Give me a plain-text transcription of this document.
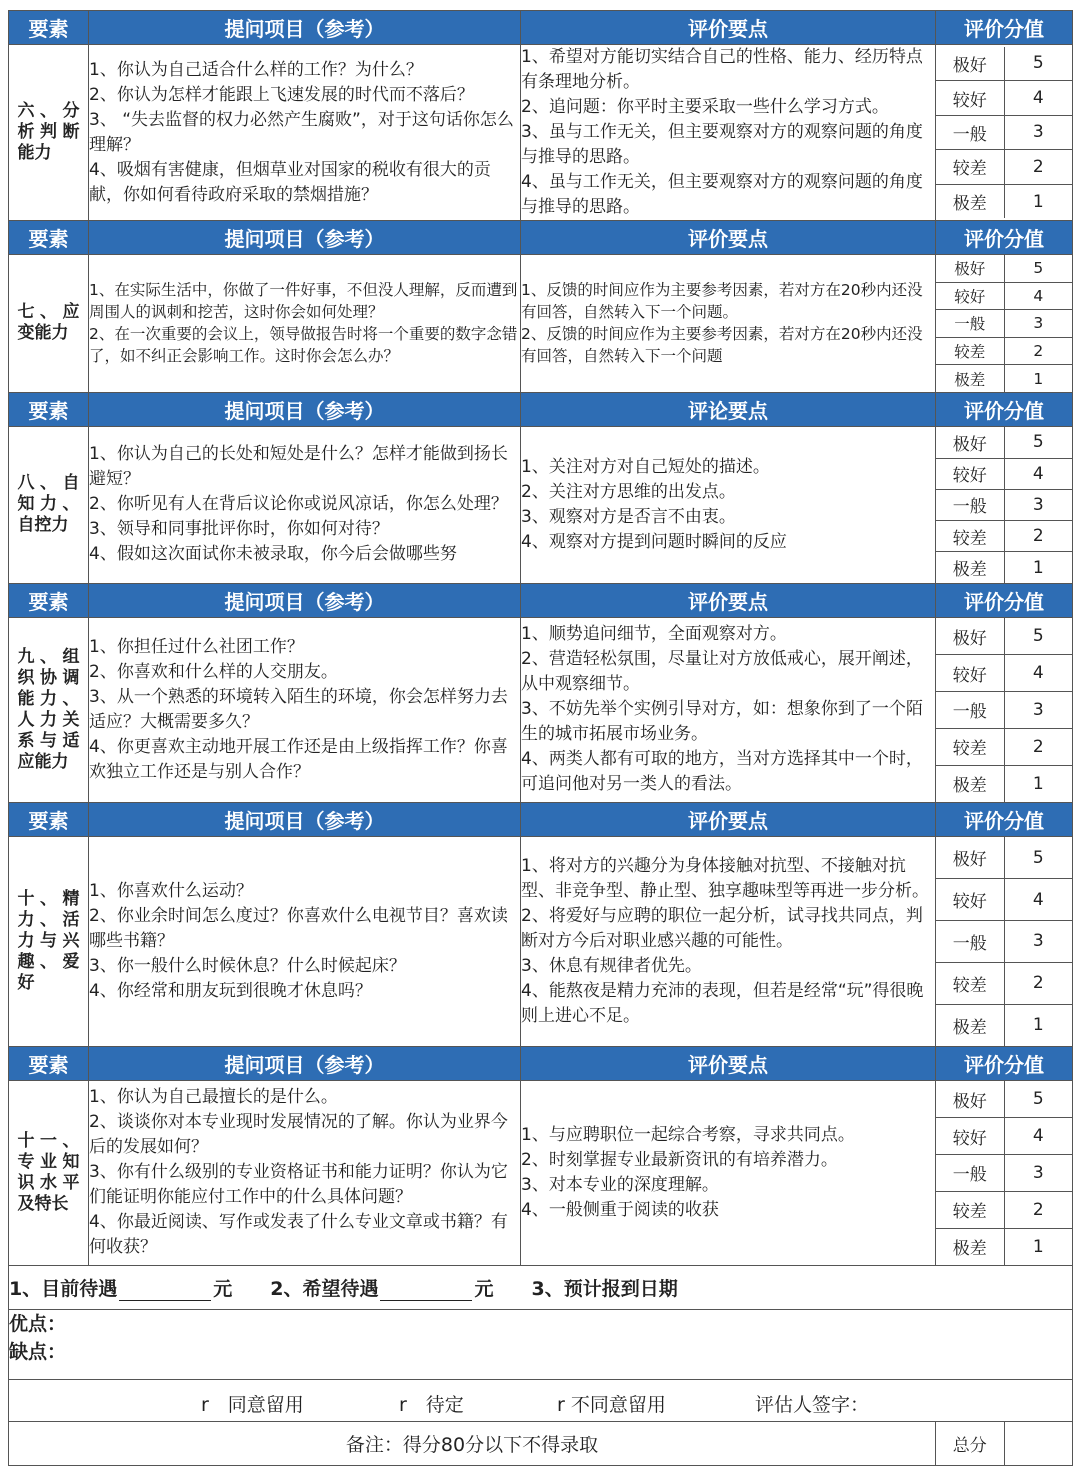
要素	提问项目（参考）	评价要点	评价分值
六、分析判断能力	
1、你认为自己适合什么样的工作？为什么？
2、你认为怎样才能跟上飞速发展的时代而不落后？
3、 “失去监督的权力必然产生腐败”，对于这句话你怎么理解？
4、吸烟有害健康，但烟草业对国家的税收有很大的贡献，你如何看待政府采取的禁烟措施？

1、希望对方能切实结合自己的性格、能力、经历特点有条理地分析。
2、追问题：你平时主要采取一些什么学习方式。
3、虽与工作无关，但主要观察对方的观察问题的角度与推导的思路。
4、虽与工作无关，但主要观察对方的观察问题的角度与推导的思路。

极好	5
较好	4
一般	3
较差	2
极差	1

要素	提问项目（参考）	评价要点	评价分值
七、应变能力	
1、在实际生活中，你做了一件好事，不但没人理解，反而遭到周围人的讽刺和挖苦，这时你会如何处理？
2、在一次重要的会议上，领导做报告时将一个重要的数字念错了，如不纠正会影响工作。这时你会怎么办？

1、反馈的时间应作为主要参考因素，若对方在20秒内还没有回答，自然转入下一个问题。
2、反馈的时间应作为主要参考因素，若对方在20秒内还没有回答，自然转入下一个问题

极好	5
较好	4
一般	3
较差	2
极差	1

要素	提问项目（参考）	评论要点	评价分值
八、自知力、自控力	
1、你认为自己的长处和短处是什么？怎样才能做到扬长避短？
2、你听见有人在背后议论你或说风凉话，你怎么处理？
3、领导和同事批评你时，你如何对待？
4、假如这次面试你未被录取，你今后会做哪些努

1、关注对方对自己短处的描述。
2、关注对方思维的出发点。
3、观察对方是否言不由衷。
4、观察对方提到问题时瞬间的反应

极好	5
较好	4
一般	3
较差	2
极差	1

要素	提问项目（参考）	评价要点	评价分值
九、组织协调能力、人力关系与适应能力	
1、你担任过什么社团工作？
2、你喜欢和什么样的人交朋友。
3、从一个熟悉的环境转入陌生的环境，你会怎样努力去适应？大概需要多久？
4、你更喜欢主动地开展工作还是由上级指挥工作？你喜欢独立工作还是与别人合作？

1、顺势追问细节，全面观察对方。
2、营造轻松氛围，尽量让对方放低戒心，展开阐述，从中观察细节。
3、不妨先举个实例引导对方，如：想象你到了一个陌生的城市拓展市场业务。
4、两类人都有可取的地方，当对方选择其中一个时，可追问他对另一类人的看法。

极好	5
较好	4
一般	3
较差	2
极差	1

要素	提问项目（参考）	评价要点	评价分值
十、精力、活力与兴趣、爱好	
1、你喜欢什么运动？
2、你业余时间怎么度过？你喜欢什么电视节目？喜欢读哪些书籍？
3、你一般什么时候休息？什么时候起床？
4、你经常和朋友玩到很晚才休息吗？

1、将对方的兴趣分为身体接触对抗型、不接触对抗型、非竞争型、静止型、独享趣味型等再进一步分析。
2、将爱好与应聘的职位一起分析，试寻找共同点，判断对方今后对职业感兴趣的可能性。
3、休息有规律者优先。
4、能熬夜是精力充沛的表现，但若是经常“玩”得很晚则上进心不足。

极好	5
较好	4
一般	3
较差	2
极差	1

要素	提问项目（参考）	评价要点	评价分值
十一、专业知识水平及特长	
1、你认为自己最擅长的是什么。
2、谈谈你对本专业现时发展情况的了解。你认为业界今后的发展如何？
3、你有什么级别的专业资格证书和能力证明？你认为它们能证明你能应付工作中的什么具体问题？
4、你最近阅读、写作或发表了什么专业文章或书籍？有何收获？

1、与应聘职位一起综合考察，寻求共同点。
2、时刻掌握专业最新资讯的有培养潜力。
3、对本专业的深度理解。
4、一般侧重于阅读的收获

极好	5
较好	4
一般	3
较差	2
极差	1

1、目前待遇	元 2、希望待遇	元 3、预计报到日期

优点：
缺点：

r　同意留用	r　待定	r 不同意留用	评估人签字：

备注：得分80分以下不得录取		总分	
